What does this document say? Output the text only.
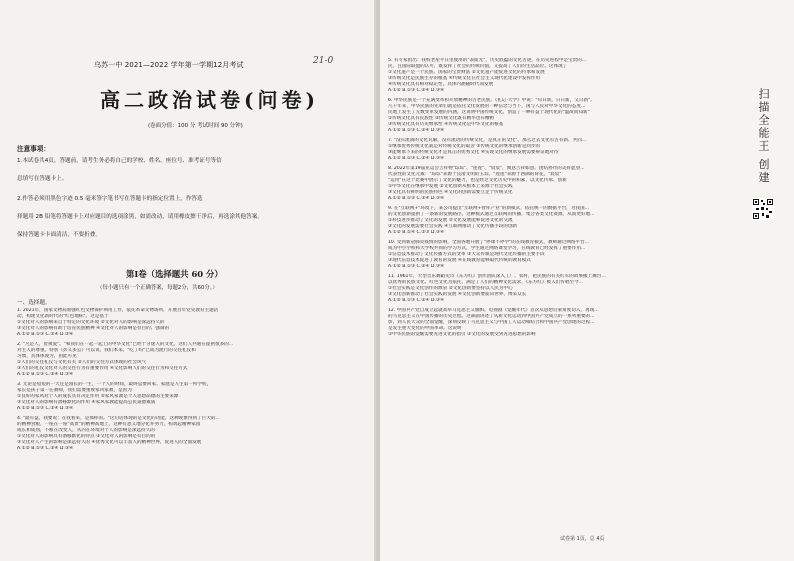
乌苏一中 2021—2022 学年第一学期12月考试	21-0
高二政治试卷(问卷)
(卷面分值：100 分 考试时间 90 分钟)
注意事项：
1.本试卷共4页。答题前，请考生务必将自己的学校、姓名、座位号、准考证号等信
息填写在答题卡上。
2.作答必须用黑色字迹 0.5 毫米签字笔书写在答题卡的指定位置上，作答选
择题用 2B 铅笔将答题卡上对应题目的选项涂黑，如需改动，请用橡皮擦干净后，再选涂其他答案。
保持答题卡卡面清洁，不要折叠。
第Ⅰ卷（选择题共 60 分）
（每小题只有一个正确答案，每题2分，共60分。）
一、选择题。
1. 2021年，国家文物局加强红色文物保护利用工作，依托革命文物场所，开展百年党史教育主题活
动，构建文化新时代的"红色地标"。这是基于
①文化对人的影响来自于特定的文化环境 ②文化对人的影响是深远持久的
③文化对人的影响有助于培育民族精神 ④文化对人的影响是有目的、强制的
A.①② B.①③ C.②④ D.③④
2. "凡是人，皆须爱"。"和我们在一起一起上的中华文化"已经十分迷人的文化，这们人共通在提供很多的...
对主人的尊重。特别《彭义多公》可以说，我们本来。"吃了吗"已成为流行的交往礼仪和
习惯，具体体现为，由此可见
①人们的交往礼仪与文化有关 ②人们的交往方式体现的社会风气
③人们的礼仪文化对人的交往行为有重要作用 ④文化影响人们的交往行为和交往方式
A.①② B.①③ C.②④ D.③④
3. 无论是短短的一天还是漫长的一生，一个人的时间，最终总要回家。家庭是人生第一所学校，
家长是孩子第一任教师，我们需要重视家风家教，是因为
①良好的家风对个人的成长具有决定作用 ②家风家教是个人思想品德的主要来源
③文化对人的影响有潜移默化的作用 ④家风家教能提高公民道德素质
A.①② B.①③ C.②④ D.③④
4. "最有益，我要说：在我看来，是那样的。"这句话体现的是文化的功能，这种现象得到了巨大的...
的精神食粮，一座在一座"高贵"的精神高地上，这种有意义地分化并努力，构筑起精神家园
成长和成熟，不断在改变人，从内在环境对个人的影响是深远持久的
①文化对人的影响具有潜移默化的特点 ②文化对人的影响是有目的的
③文化对人产生的影响是深远持久的 ④优秀文化可以丰富人的精神世界，促进人的全面发展
A.①② B.①③ C.②④ D.③④
5. 有专家指出：我校老屋平日里使用的"表面光"，历史底蕴的文化古迹，在历史进程中是宝贵的...
民，且国际联盟的认可，既发挥了社会的传统价值，又提高了人们的生活品位。这体现了
①文化遗产是一个民族、国家的宝贵财富 ②文化遗产能促进文化的传承和发展
③传统文化是民族生存的根基 ④传统文化在社会主义现代化建设中发挥作用
④传统文化具有相对稳定性，具体内涵随时代而发展
A.①② B.①③ C.②④ D.③④
6. 中华民族是一个充满变革和开放精神的古老民族。《礼记·大学》中说："苟日新，日日新，又日新"。
几千年来，中华民族的先辈们就是依托文化发展的一种信念与当下，国与人民对中华文化的态度...
民地上发生了无数变革发展的内涵。这说明中国传统文化，创造了一种有益于现代化的"温故而知新"
①传统文化具有民族性 ②传统文化既有精华也有糟粕
③传统文化具有历史继承性 ④传统文化是中华文化的根基
A.①② B.①③ C.②④ D.③④
7. "没有流淌的文化瓦解，没有流动的传统文化，是真正的文化"。那么过去文化有古有新、共同...
①继承优秀传统文化就是对传统文化的取舍 ②传统文化的继承创新是同步的
③能继承下来的传统文化才是真正的优秀文化 ④实现文化的继承发展需要辩证地对待
A.①② B.①③ C.②④ D.③④
8. 2022年第19届亚运会吉祥物"琮琮"、"莲莲"、"宸宸"，寓意吉祥如意、团结协作的美好愿望...
代表性的文化元素："琮琮"来源于良渚文明的玉琮，"莲莲"来源于西湖的荷花，"宸宸"
"运用"在这个比赛中展示了文化的魅力，也是经过文化历史中的积累，以文化传承、创新
①中华文化在继承中发展 ②文化创新从根本上来源于社会实践
③文化具有鲜明的民族特色 ④文化的创新需要立足于传统文化
A.①② B.①③ C.②④ D.③④
9. 在"互联网+"环境下，某公司提出"互联网+智库产业"的新模式，依托统一的数据平台，为我国...
的文化创新提供了一条新的发展路径。这种模式通过互联网的传播，集合各类文化资源，从而更好地...
①科技进步推动了文化的发展 ②文化发展能够促进文化的交流
③文化的发展需要社会实践 ④互联网推动了文化传播手段的创新
A.①② B.①④ C.②③ D.③④
10. 受到新冠肺炎疫情的影响，全国各地开展了"停课不停学"的在线教育模式，教师通过网络平台...
成为中小学校和大学校共同的学习方式，学生通过网络课堂学习，在线教育已经发挥了重要作用...
①信息技术推动了文化传播方式的变革 ②大众传媒是现代文化传播的主要手段
③现代信息技术促进了教育的发展 ④在线教育能够取代传统的教育模式
A.①② B.①③ C.②④ D.③④
11. 1961年，大型音乐舞蹈史诗《东方红》创作团队深入工厂、农村，把民族的有关红军的故事搬上舞台...
以优秀的民族文化、红色文化为依托，满足了人们的精神文化需求，《东方红》被人们传唱至今...
①社会实践是文化创作的源泉 ②文化创新要坚持以人民为中心
③文化创新推动了社会实践的发展 ④文化创新要面向世界、博采众长
A.①② B.①③ C.②④ D.③④
12. 中国共产党自成立起就高举马克思主义旗帜。电视剧《觉醒年代》首次从思想启蒙角度切入，再现...
的马克思主义在中国传播的历史过程。这部剧讲述了从新文化运动到中国共产党成立的一系列重要的...
影，到人民大众的全面觉醒，深刻反映了马克思主义与中国工人运动相结合和中国共产党创建的过程...
是发生重大变化的中国革命。这说明
①中华民族的觉醒需要先进文化的指引 ②文化的发展受到先进思想的影响
试卷第 1页，总 4页
扫描全能王 创建
